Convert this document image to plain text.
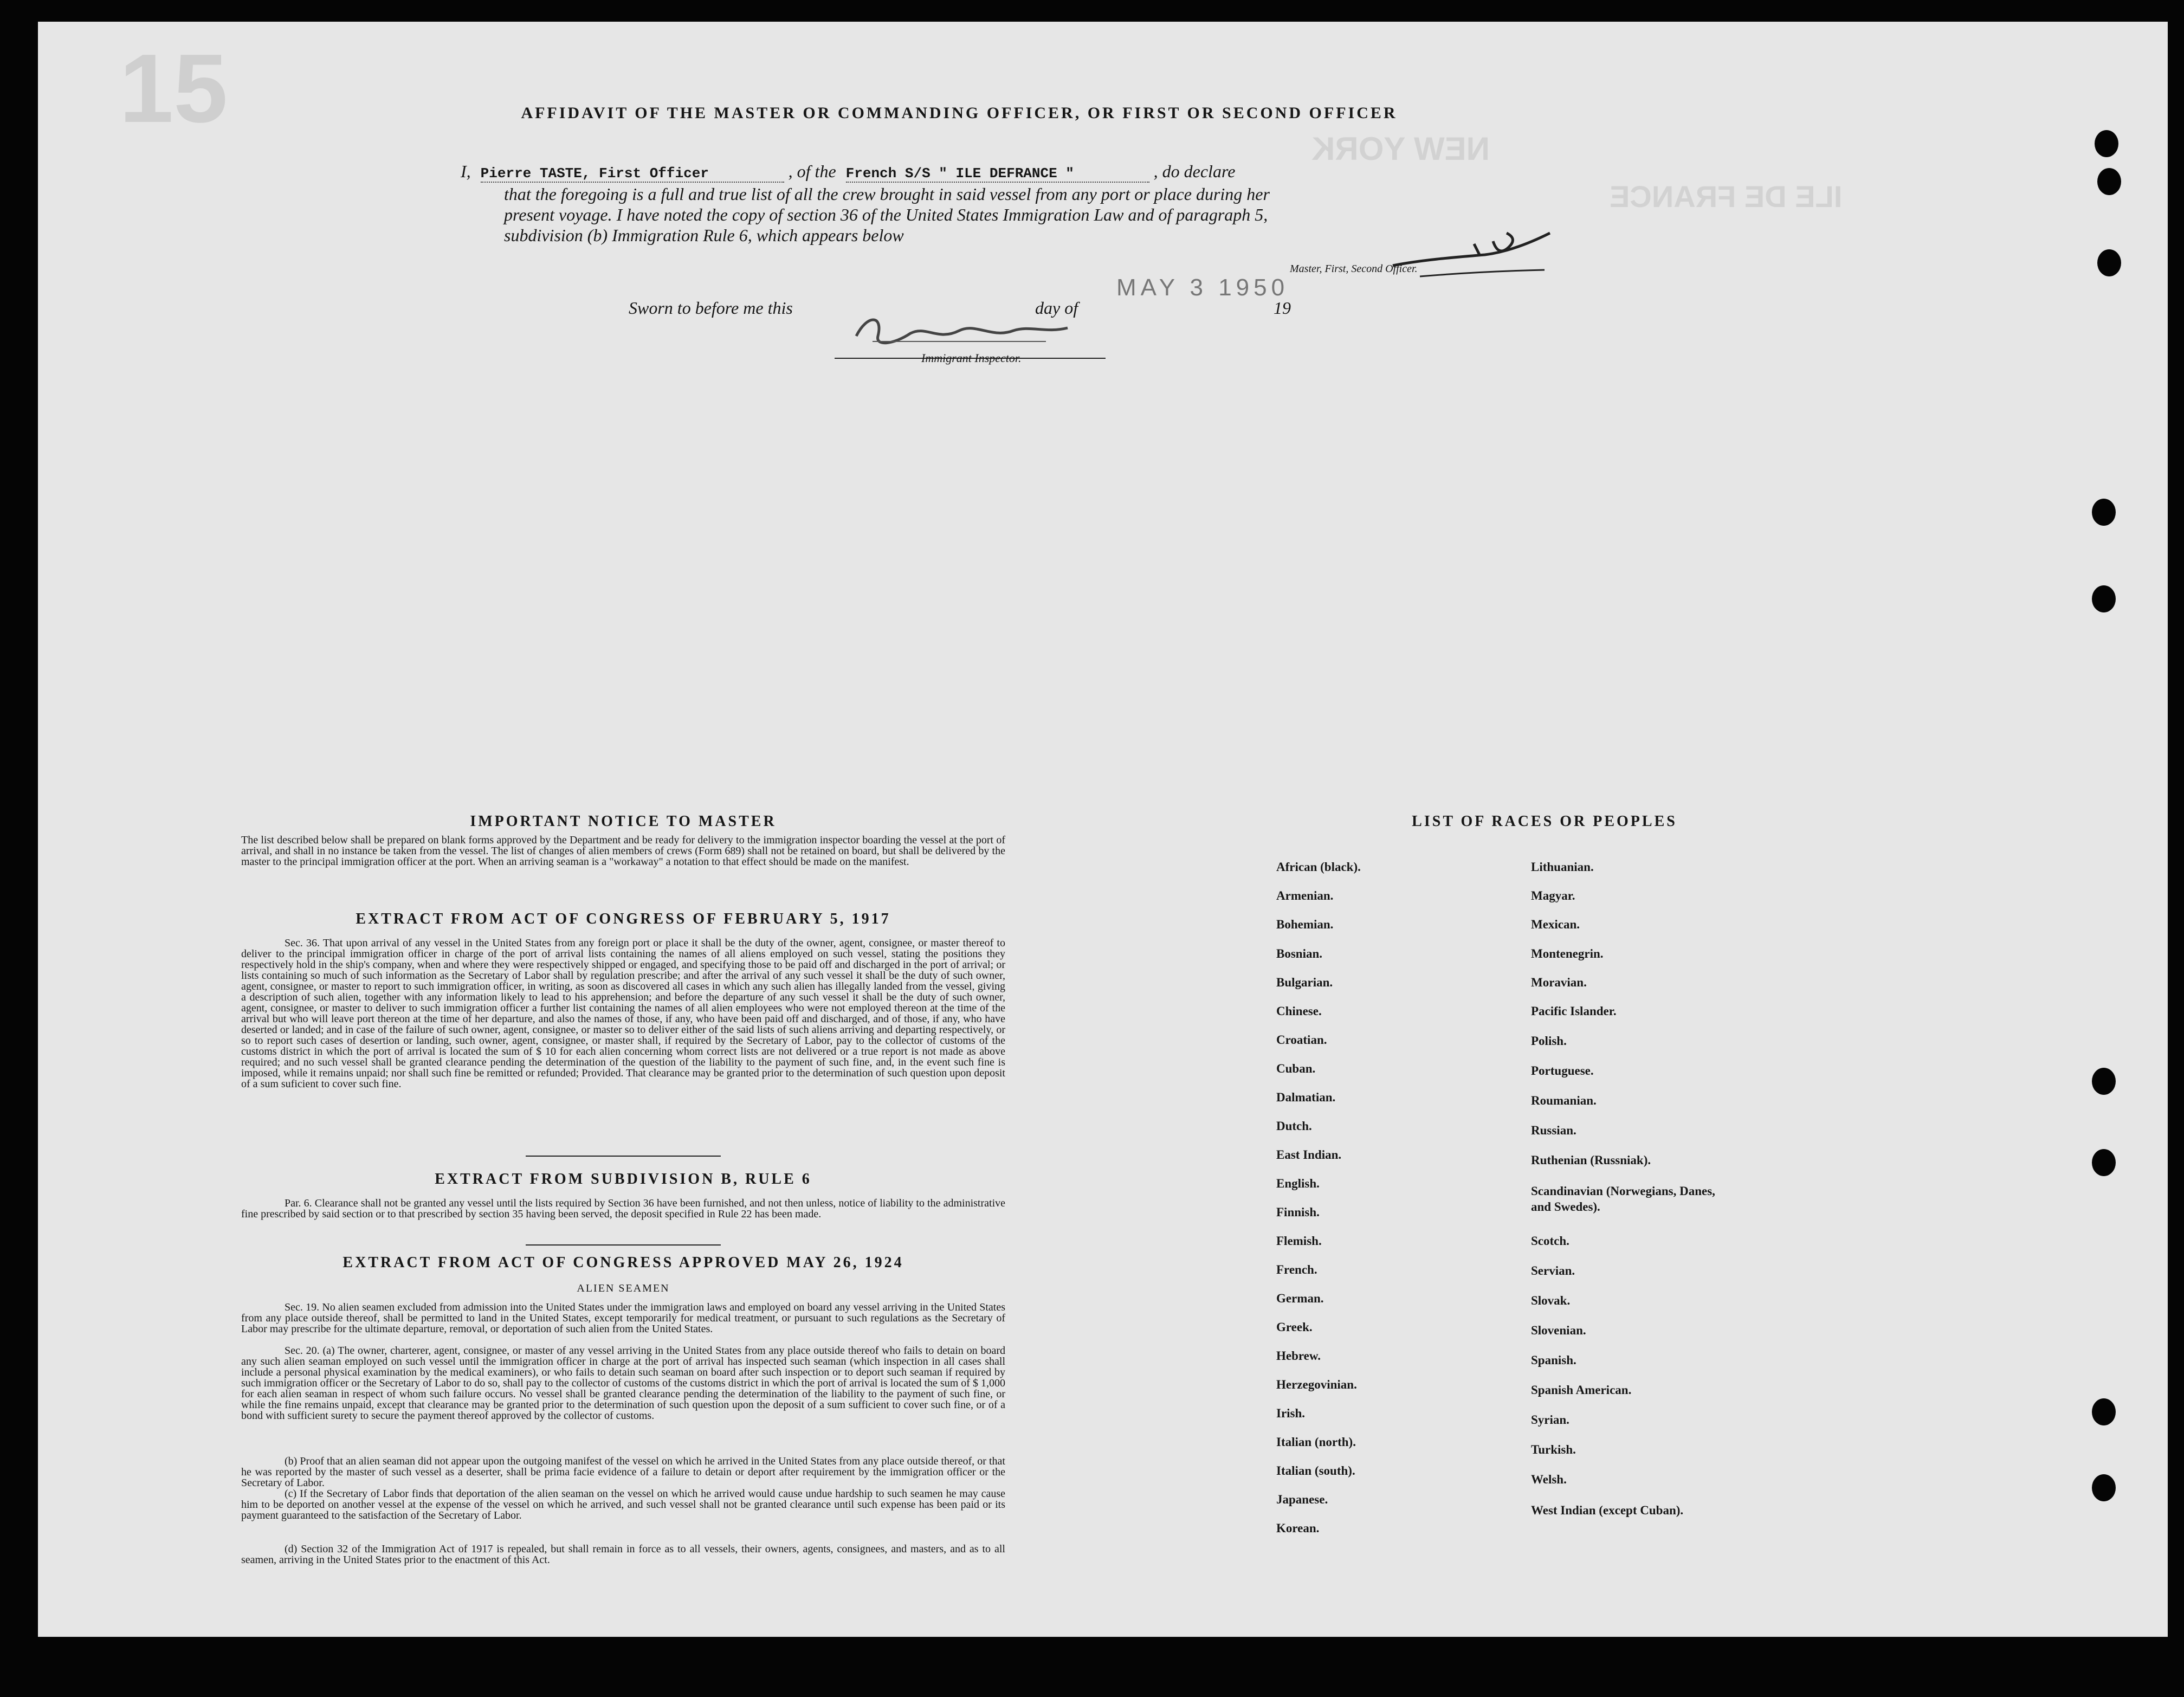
15
NEW YORK
ILE DE FRANCE
AFFIDAVIT OF THE MASTER OR COMMANDING OFFICER, OR FIRST OR SECOND OFFICER
I, Pierre TASTE, First Officer	, of the French S/S " ILE DEFRANCE "	, do declare
that the foregoing is a full and true list of all the crew brought in said vessel from any port or place during her
present voyage. I have noted the copy of section 36 of the United States Immigration Law and of paragraph 5,
subdivision (b) Immigration Rule 6, which appears below
Master, First, Second Officer.
Sworn to before me this	day of
MAY 3 1950
19
Immigrant Inspector.
IMPORTANT NOTICE TO MASTER
The list described below shall be prepared on blank forms approved by the Department and be ready for delivery to the immigration inspector boarding the vessel at the port of arrival, and shall in no instance be taken from the vessel. The list of changes of alien members of crews (Form 689) shall not be retained on board, but shall be delivered by the master to the principal immigration officer at the port. When an arriving seaman is a "workaway" a notation to that effect should be made on the manifest.
EXTRACT FROM ACT OF CONGRESS OF FEBRUARY 5, 1917
Sec. 36. That upon arrival of any vessel in the United States from any foreign port or place it shall be the duty of the owner, agent, consignee, or master thereof to deliver to the principal immigration officer in charge of the port of arrival lists containing the names of all aliens employed on such vessel, stating the positions they respectively hold in the ship's company, when and where they were respectively shipped or engaged, and specifying those to be paid off and discharged in the port of arrival; or lists containing so much of such information as the Secretary of Labor shall by regulation prescribe; and after the arrival of any such vessel it shall be the duty of such owner, agent, consignee, or master to report to such immigration officer, in writing, as soon as discovered all cases in which any such alien has illegally landed from the vessel, giving a description of such alien, together with any information likely to lead to his apprehension; and before the departure of any such vessel it shall be the duty of such owner, agent, consignee, or master to deliver to such immigration officer a further list containing the names of all alien employees who were not employed thereon at the time of the arrival but who will leave port thereon at the time of her departure, and also the names of those, if any, who have been paid off and discharged, and of those, if any, who have deserted or landed; and in case of the failure of such owner, agent, consignee, or master so to deliver either of the said lists of such aliens arriving and departing respectively, or so to report such cases of desertion or landing, such owner, agent, consignee, or master shall, if required by the Secretary of Labor, pay to the collector of customs of the customs district in which the port of arrival is located the sum of $ 10 for each alien concerning whom correct lists are not delivered or a true report is not made as above required; and no such vessel shall be granted clearance pending the determination of the question of the liability to the payment of such fine, and, in the event such fine is imposed, while it remains unpaid; nor shall such fine be remitted or refunded; Provided. That clearance may be granted prior to the determination of such question upon deposit of a sum suficient to cover such fine.
EXTRACT FROM SUBDIVISION B, RULE 6
Par. 6. Clearance shall not be granted any vessel until the lists required by Section 36 have been furnished, and not then unless, notice of liability to the administrative fine prescribed by said section or to that prescribed by section 35 having been served, the deposit specified in Rule 22 has been made.
EXTRACT FROM ACT OF CONGRESS APPROVED MAY 26, 1924
ALIEN SEAMEN
Sec. 19. No alien seamen excluded from admission into the United States under the immigration laws and employed on board any vessel arriving in the United States from any place outside thereof, shall be permitted to land in the United States, except temporarily for medical treatment, or pursuant to such regulations as the Secretary of Labor may prescribe for the ultimate departure, removal, or deportation of such alien from the United States.
Sec. 20. (a) The owner, charterer, agent, consignee, or master of any vessel arriving in the United States from any place outside thereof who fails to detain on board any such alien seaman employed on such vessel until the immigration officer in charge at the port of arrival has inspected such seaman (which inspection in all cases shall include a personal physical examination by the medical examiners), or who fails to detain such seaman on board after such inspection or to deport such seaman if required by such immigration officer or the Secretary of Labor to do so, shall pay to the collector of customs of the customs district in which the port of arrival is located the sum of $ 1,000 for each alien seaman in respect of whom such failure occurs. No vessel shall be granted clearance pending the determination of the liability to the payment of such fine, or while the fine remains unpaid, except that clearance may be granted prior to the determination of such question upon the deposit of a sum sufficient to cover such fine, or of a bond with sufficient surety to secure the payment thereof approved by the collector of customs.
(b) Proof that an alien seaman did not appear upon the outgoing manifest of the vessel on which he arrived in the United States from any place outside thereof, or that he was reported by the master of such vessel as a deserter, shall be prima facie evidence of a failure to detain or deport after requirement by the immigration officer or the Secretary of Labor.
(c) If the Secretary of Labor finds that deportation of the alien seaman on the vessel on which he arrived would cause undue hardship to such seamen he may cause him to be deported on another vessel at the expense of the vessel on which he arrived, and such vessel shall not be granted clearance until such expense has been paid or its payment guaranteed to the satisfaction of the Secretary of Labor.
(d) Section 32 of the Immigration Act of 1917 is repealed, but shall remain in force as to all vessels, their owners, agents, consignees, and masters, and as to all seamen, arriving in the United States prior to the enactment of this Act.
LIST OF RACES OR PEOPLES
African (black).
Armenian.
Bohemian.
Bosnian.
Bulgarian.
Chinese.
Croatian.
Cuban.
Dalmatian.
Dutch.
East Indian.
English.
Finnish.
Flemish.
French.
German.
Greek.
Hebrew.
Herzegovinian.
Irish.
Italian (north).
Italian (south).
Japanese.
Korean.
Lithuanian.
Magyar.
Mexican.
Montenegrin.
Moravian.
Pacific Islander.
Polish.
Portuguese.
Roumanian.
Russian.
Ruthenian (Russniak).
Scandinavian (Norwegians, Danes, and Swedes).
Scotch.
Servian.
Slovak.
Slovenian.
Spanish.
Spanish American.
Syrian.
Turkish.
Welsh.
West Indian (except Cuban).
